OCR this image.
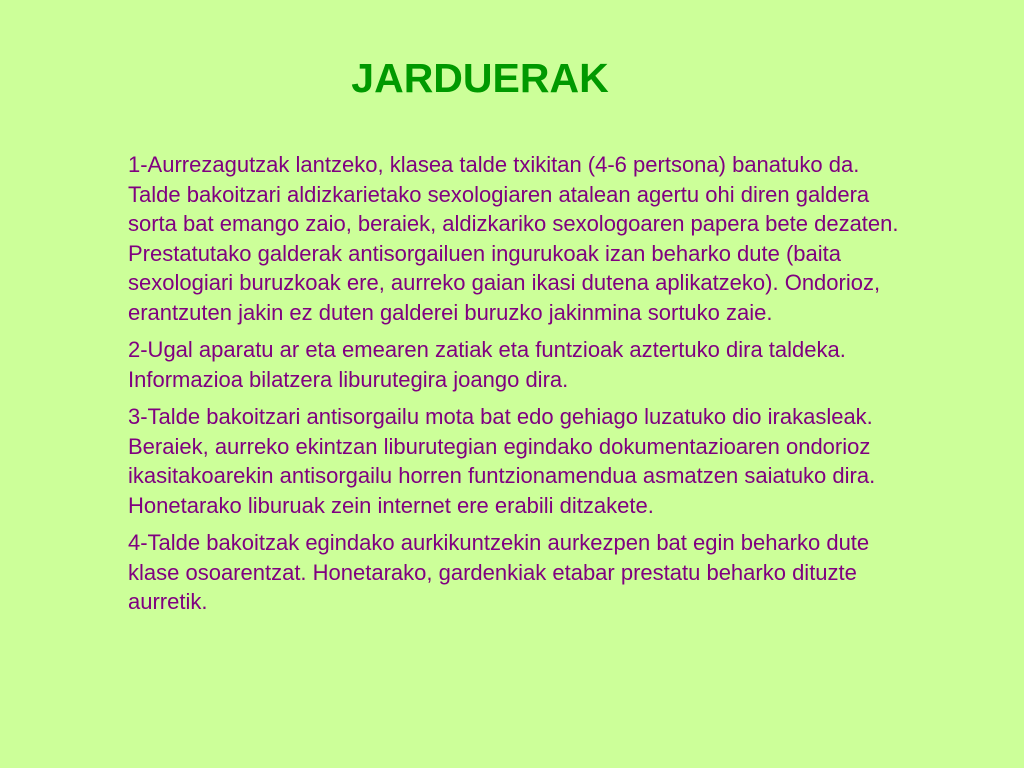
JARDUERAK

1-Aurrezagutzak lantzeko, klasea talde txikitan (4-6 pertsona) banatuko da. Talde bakoitzari aldizkarietako sexologiaren atalean agertu ohi diren galdera sorta bat emango zaio, beraiek, aldizkariko sexologoaren papera bete dezaten. Prestatutako galderak antisorgailuen ingurukoak izan beharko dute (baita sexologiari buruzkoak ere, aurreko gaian ikasi dutena aplikatzeko). Ondorioz, erantzuten jakin ez duten galderei buruzko jakinmina sortuko zaie.

2-Ugal aparatu ar eta emearen zatiak eta funtzioak aztertuko dira taldeka. Informazioa bilatzera liburutegira joango dira.

3-Talde bakoitzari antisorgailu mota bat edo gehiago luzatuko dio irakasleak. Beraiek, aurreko ekintzan liburutegian egindako dokumentazioaren ondorioz ikasitakoarekin antisorgailu horren funtzionamendua asmatzen saiatuko dira. Honetarako liburuak zein internet ere erabili ditzakete.

4-Talde bakoitzak egindako aurkikuntzekin aurkezpen bat egin beharko dute klase osoarentzat. Honetarako, gardenkiak etabar prestatu beharko dituzte aurretik.
